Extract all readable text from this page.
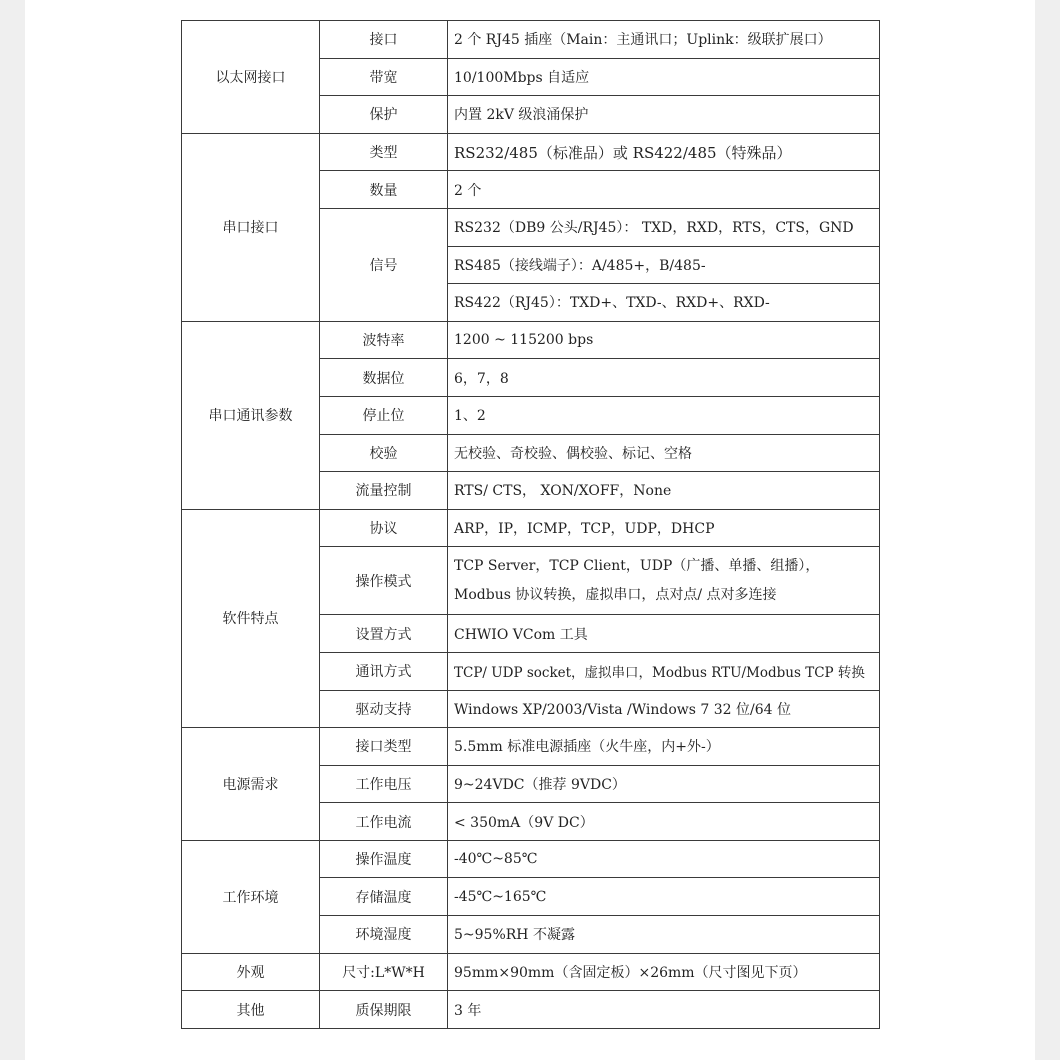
以太网接口	接口	2 个 RJ45 插座（Main：主通讯口；Uplink：级联扩展口）
	带宽	10/100Mbps 自适应
	保护	内置 2kV 级浪涌保护
串口接口	类型	RS232/485（标准品）或 RS422/485（特殊品）
	数量	2 个
	信号	RS232（DB9 公头/RJ45）： TXD，RXD，RTS，CTS，GND
		RS485（接线端子）：A/485+，B/485-
		RS422（RJ45）：TXD+、TXD-、RXD+、RXD-
串口通讯参数	波特率	1200 ~ 115200 bps
	数据位	6，7，8
	停止位	1、2
	校验	无校验、奇校验、偶校验、标记、空格
	流量控制	RTS/ CTS， XON/XOFF，None
软件特点	协议	ARP，IP，ICMP，TCP，UDP，DHCP
	操作模式	TCP Server，TCP Client，UDP（广播、单播、组播），
Modbus 协议转换，虚拟串口，点对点/ 点对多连接

	设置方式	CHWIO VCom 工具
	通讯方式	TCP/ UDP socket，虚拟串口，Modbus RTU/Modbus TCP 转换
	驱动支持	Windows XP/2003/Vista /Windows 7 32 位/64 位
电源需求	接口类型	5.5mm 标准电源插座（火牛座，内+外-）
	工作电压	9~24VDC（推荐 9VDC）
	工作电流	< 350mA（9V DC）
工作环境	操作温度	-40℃~85℃
	存储温度	-45℃~165℃
	环境湿度	5~95%RH 不凝露
外观	尺寸:L*W*H	95mm×90mm（含固定板）×26mm（尺寸图见下页）
其他	质保期限	3 年
